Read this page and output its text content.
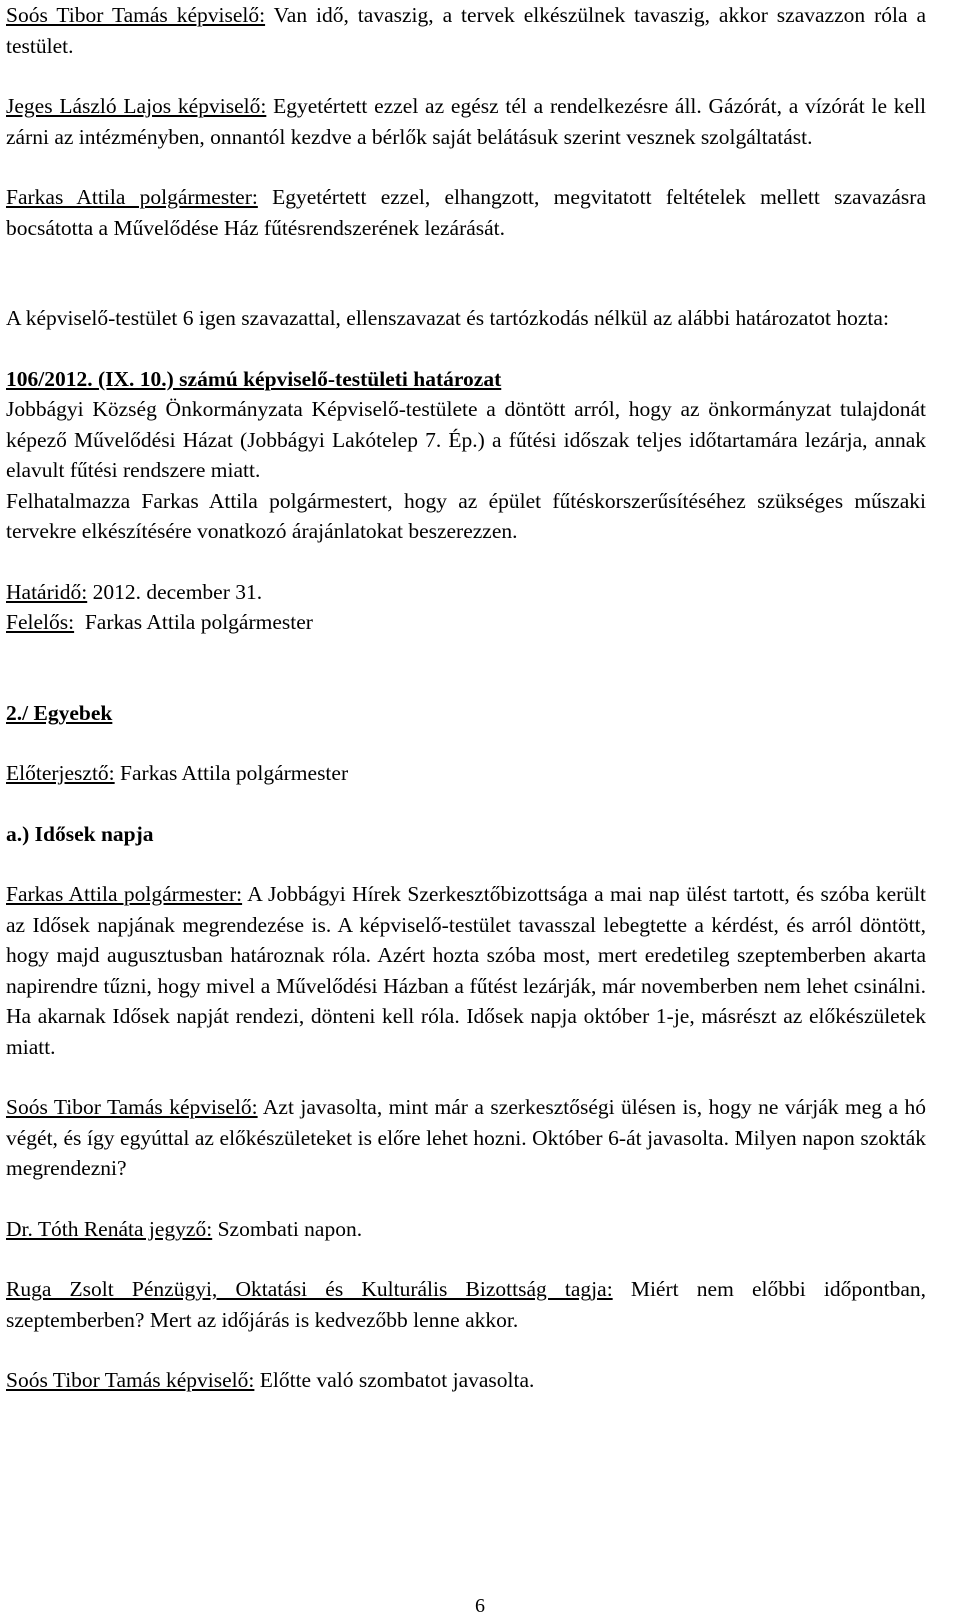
Soós Tibor Tamás képviselő: Van idő, tavaszig, a tervek elkészülnek tavaszig, akkor szavazzon róla a testület.

Jeges László Lajos képviselő: Egyetértett ezzel az egész tél a rendelkezésre áll. Gázórát, a vízórát le kell zárni az intézményben, onnantól kezdve a bérlők saját belátásuk szerint vesznek szolgáltatást.

Farkas Attila polgármester: Egyetértett ezzel, elhangzott, megvitatott feltételek mellett szavazásra bocsátotta a Művelődése Ház fűtésrendszerének lezárását.

A képviselő-testület 6 igen szavazattal, ellenszavazat és tartózkodás nélkül az alábbi határozatot hozta:

106/2012. (IX. 10.) számú képviselő-testületi határozat

Jobbágyi Község Önkormányzata Képviselő-testülete a döntött arról, hogy az önkormányzat tulajdonát képező Művelődési Házat (Jobbágyi Lakótelep 7. Ép.) a fűtési időszak teljes időtartamára lezárja, annak elavult fűtési rendszere miatt.

Felhatalmazza Farkas Attila polgármestert, hogy az épület fűtéskorszerűsítéséhez szükséges műszaki tervekre elkészítésére vonatkozó árajánlatokat beszerezzen.

Határidő: 2012. december 31.

Felelős:  Farkas Attila polgármester

2./ Egyebek

Előterjesztő: Farkas Attila polgármester

a.) Idősek napja

Farkas Attila polgármester: A Jobbágyi Hírek Szerkesztőbizottsága a mai nap ülést tartott, és szóba került az Idősek napjának megrendezése is. A képviselő-testület tavasszal lebegtette a kérdést, és arról döntött, hogy majd augusztusban határoznak róla. Azért hozta szóba most, mert eredetileg szeptemberben akarta napirendre tűzni, hogy mivel a Művelődési Házban a fűtést lezárják, már novemberben nem lehet csinálni. Ha akarnak Idősek napját rendezi, dönteni kell róla. Idősek napja október 1-je, másrészt az előkészületek miatt.

Soós Tibor Tamás képviselő: Azt javasolta, mint már a szerkesztőségi ülésen is, hogy ne várják meg a hó végét, és így egyúttal az előkészületeket is előre lehet hozni. Október 6-át javasolta. Milyen napon szokták megrendezni?

Dr. Tóth Renáta jegyző: Szombati napon.

Ruga Zsolt Pénzügyi, Oktatási és Kulturális Bizottság tagja: Miért nem előbbi időpontban, szeptemberben? Mert az időjárás is kedvezőbb lenne akkor.

Soós Tibor Tamás képviselő: Előtte való szombatot javasolta.

6
